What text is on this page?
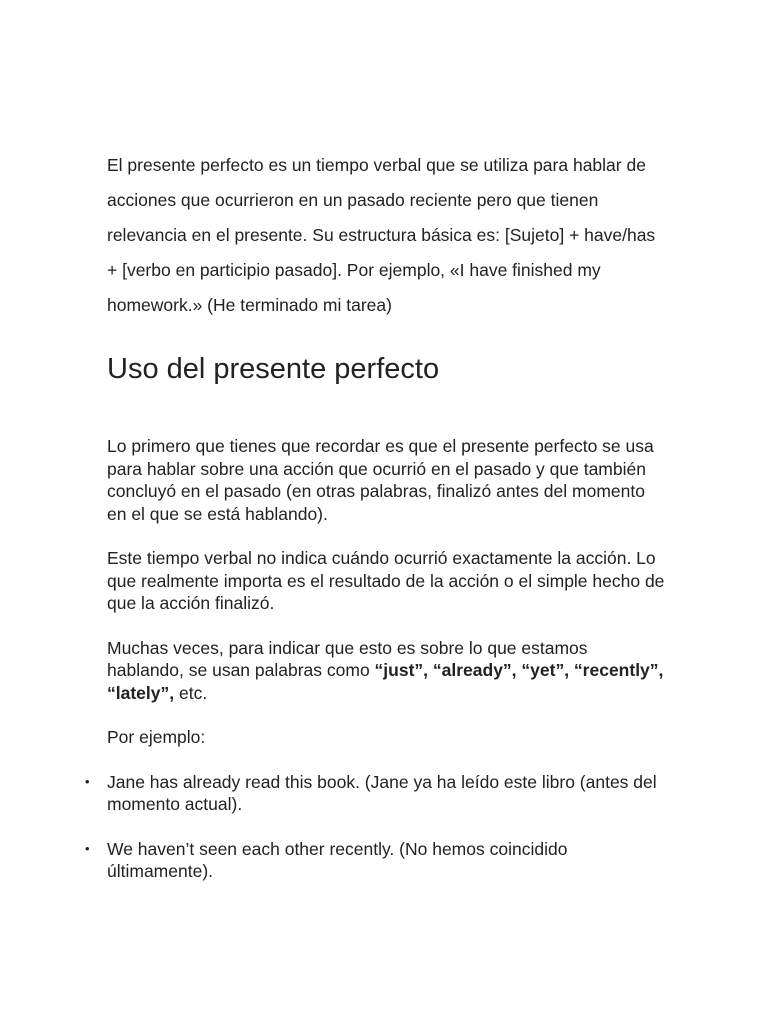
El presente perfecto es un tiempo verbal que se utiliza para hablar de acciones que ocurrieron en un pasado reciente pero que tienen relevancia en el presente. Su estructura básica es: [Sujeto] + have/has + [verbo en participio pasado]. Por ejemplo, «I have finished my homework.» (He terminado mi tarea)

Uso del presente perfecto

Lo primero que tienes que recordar es que el presente perfecto se usa para hablar sobre una acción que ocurrió en el pasado y que también concluyó en el pasado (en otras palabras, finalizó antes del momento en el que se está hablando).

Este tiempo verbal no indica cuándo ocurrió exactamente la acción. Lo que realmente importa es el resultado de la acción o el simple hecho de que la acción finalizó.

Muchas veces, para indicar que esto es sobre lo que estamos hablando, se usan palabras como “just”, “already”, “yet”, “recently”, “lately”, etc.

Por ejemplo:

• Jane has already read this book. (Jane ya ha leído este libro (antes del momento actual).
• We haven’t seen each other recently. (No hemos coincidido últimamente).
